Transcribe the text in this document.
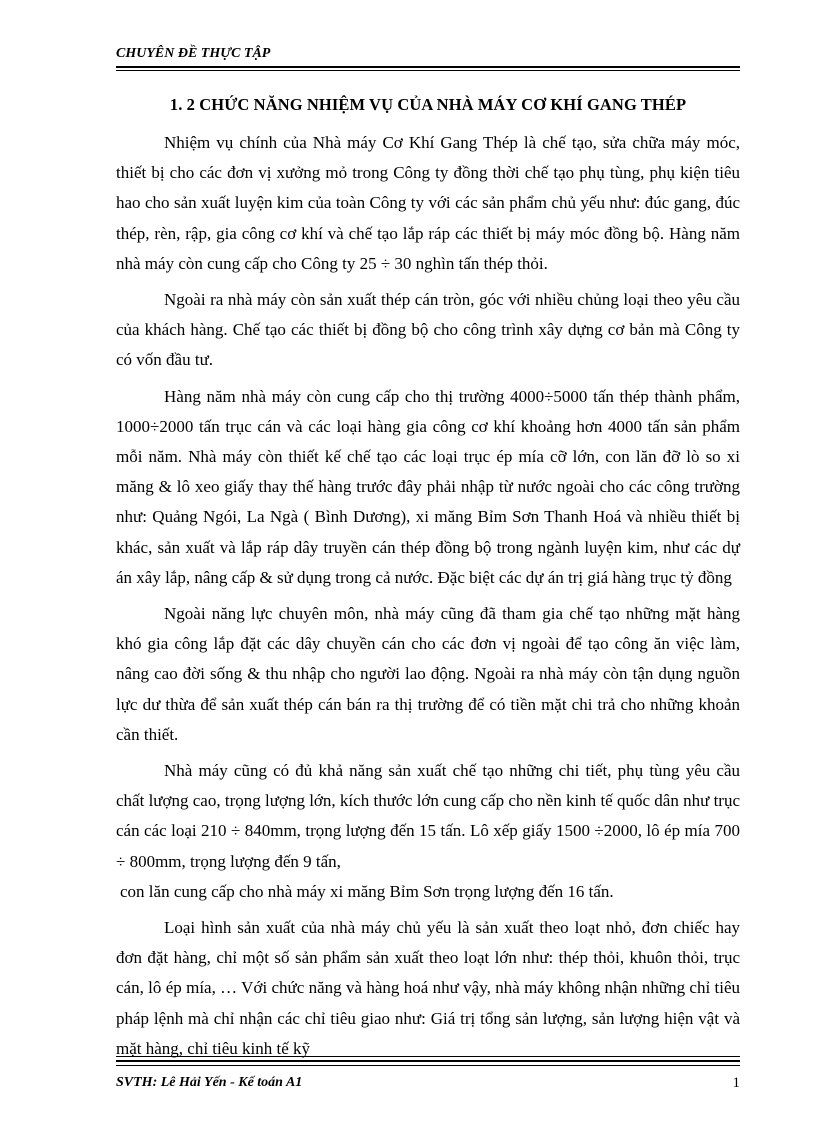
CHUYÊN ĐỀ THỰC TẬP
1. 2 CHỨC NĂNG NHIỆM VỤ CỦA NHÀ MÁY CƠ KHÍ GANG THÉP

Nhiệm vụ chính của Nhà máy Cơ Khí Gang Thép là chế tạo, sửa chữa máy móc, thiết bị cho các đơn vị xưởng mỏ trong Công ty đồng thời chế tạo phụ tùng, phụ kiện tiêu hao cho sản xuất luyện kim của toàn Công ty với các sản phẩm chủ yếu như: đúc gang, đúc thép, rèn, rập, gia công cơ khí và chế tạo lắp ráp các thiết bị máy móc đồng bộ. Hàng năm nhà máy còn cung cấp cho Công ty 25 ÷ 30 nghìn tấn thép thỏi.

Ngoài ra nhà máy còn sản xuất thép cán tròn, góc với nhiều chủng loại theo yêu cầu của khách hàng. Chế tạo các thiết bị đồng bộ cho công trình xây dựng cơ bản mà Công ty có vốn đầu tư.

Hàng năm nhà máy còn cung cấp cho thị trường 4000÷5000 tấn thép thành phẩm, 1000÷2000 tấn trục cán và các loại hàng gia công cơ khí khoảng hơn 4000 tấn sản phẩm mỗi năm. Nhà máy còn thiết kế chế tạo các loại trục ép mía cỡ lớn, con lăn đỡ lò so xi măng & lô xeo giấy thay thế hàng trước đây phải nhập từ nước ngoài cho các công trường như: Quảng Ngói, La Ngà ( Bình Dương), xi măng Bỉm Sơn Thanh Hoá và nhiều thiết bị khác, sản xuất và lắp ráp dây truyền cán thép đồng bộ trong ngành luyện kim, như các dự án xây lắp, nâng cấp & sử dụng trong cả nước. Đặc biệt các dự án trị giá hàng trục tỷ đồng

Ngoài năng lực chuyên môn, nhà máy cũng đã tham gia chế tạo những mặt hàng khó gia công lắp đặt các dây chuyền cán cho các đơn vị ngoài để tạo công ăn việc làm, nâng cao đời sống & thu nhập cho người lao động. Ngoài ra nhà máy còn tận dụng nguồn lực dư thừa để sản xuất thép cán bán ra thị trường để có tiền mặt chi trả cho những khoản cần thiết.

Nhà máy cũng có đủ khả năng sản xuất chế tạo những chi tiết, phụ tùng yêu cầu chất lượng cao, trọng lượng lớn, kích thước lớn cung cấp cho nền kinh tế quốc dân như trục cán các loại 210 ÷ 840mm, trọng lượng đến 15 tấn. Lô xếp giấy 1500 ÷2000, lô ép mía 700 ÷ 800mm, trọng lượng đến 9 tấn,

con lăn cung cấp cho nhà máy xi măng Bỉm Sơn trọng lượng đến 16 tấn.

Loại hình sản xuất của nhà máy chủ yếu là sản xuất theo loạt nhỏ, đơn chiếc hay đơn đặt hàng, chỉ một số sản phẩm sản xuất theo loạt lớn như: thép thỏi, khuôn thỏi, trục cán, lô ép mía, … Với chức năng và hàng hoá như vậy, nhà máy không nhận những chỉ tiêu pháp lệnh mà chỉ nhận các chỉ tiêu giao như: Giá trị tổng sản lượng, sản lượng hiện vật và mặt hàng, chỉ tiêu kinh tế kỹ

SVTH: Lê Hải Yến - Kế toán A1	1
